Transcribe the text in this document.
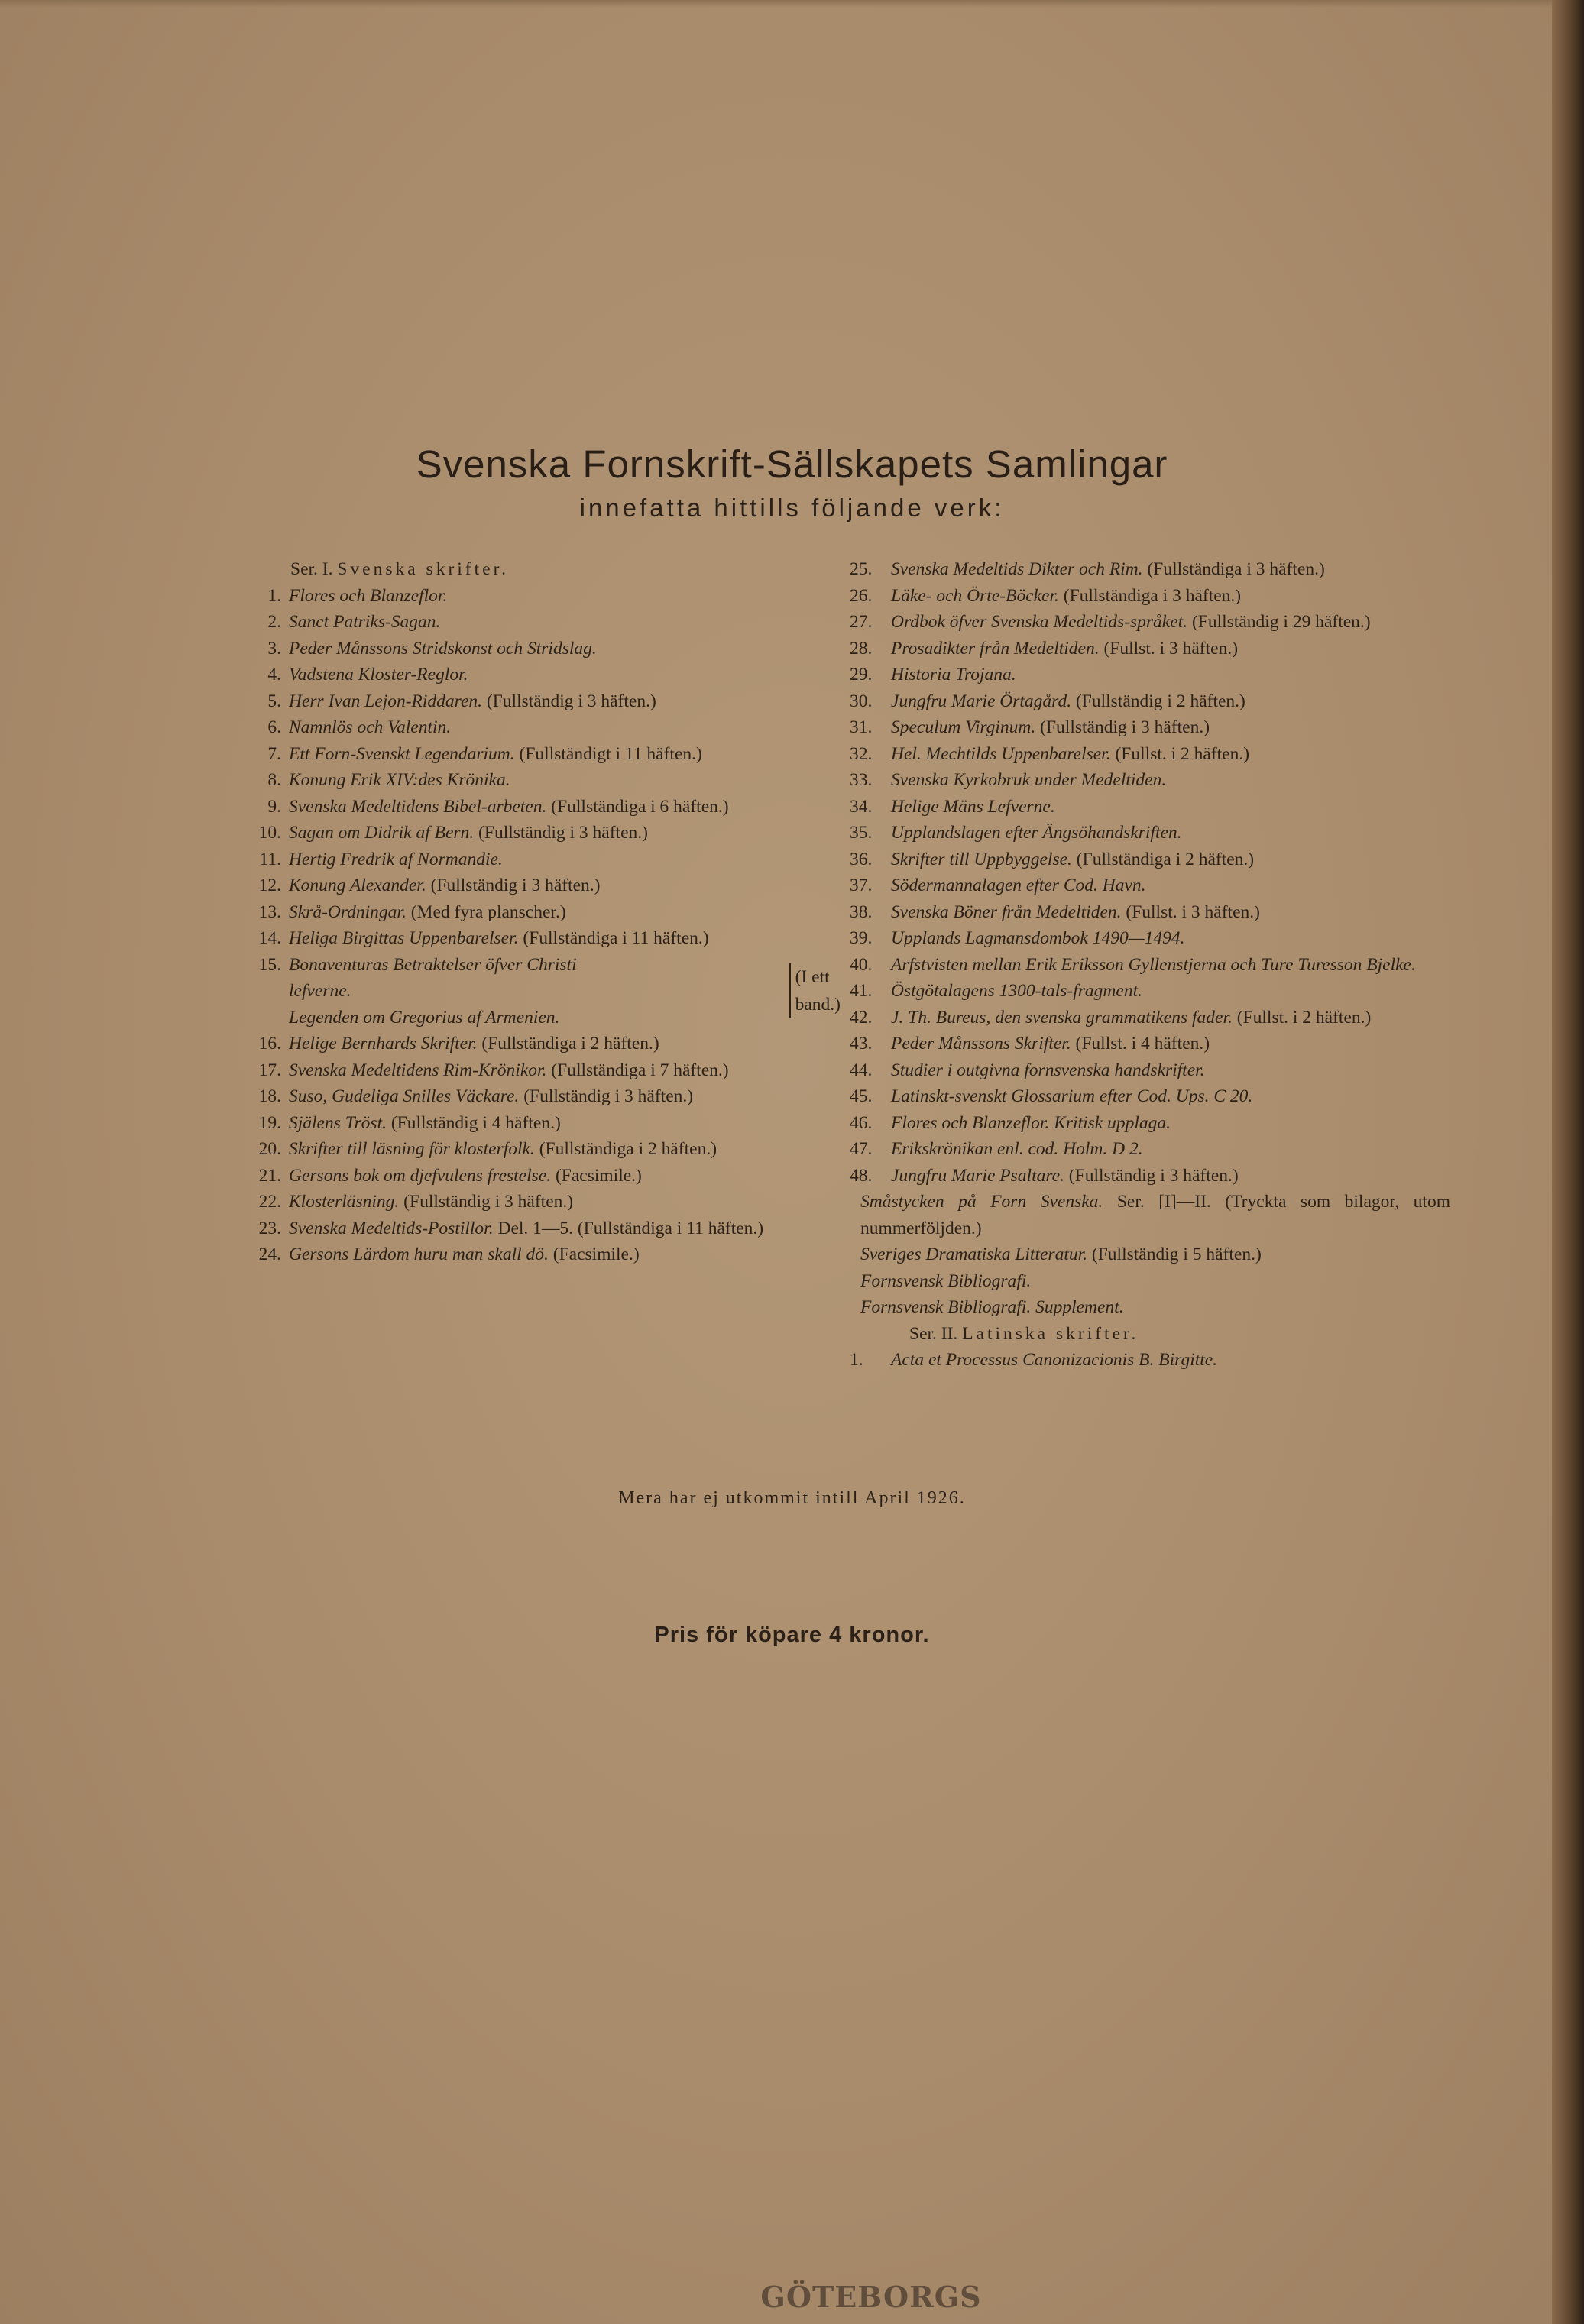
Svenska Fornskrift-Sällskapets Samlingar
innefatta hittills följande verk:
Ser. I. Svenska skrifter.
1. Flores och Blanzeflor.
2. Sanct Patriks-Sagan.
3. Peder Månssons Stridskonst och Stridslag.
4. Vadstena Kloster-Reglor.
5. Herr Ivan Lejon-Riddaren. (Fullständig i 3 häften.)
6. Namnlös och Valentin.
7. Ett Forn-Svenskt Legendarium. (Fullständigt i 11 häften.)
8. Konung Erik XIV:des Krönika.
9. Svenska Medeltidens Bibel-arbeten. (Fullständiga i 6 häften.)
10. Sagan om Didrik af Bern. (Fullständig i 3 häften.)
11. Hertig Fredrik af Normandie.
12. Konung Alexander. (Fullständig i 3 häften.)
13. Skrå-Ordningar. (Med fyra planscher.)
14. Heliga Birgittas Uppenbarelser. (Fullständiga i 11 häften.)
15. Bonaventuras Betraktelser öfver Christi
lefverne.
Legenden om Gregorius af Armenien.
(I ett
band.)
16. Helige Bernhards Skrifter. (Fullständiga i 2 häften.)
17. Svenska Medeltidens Rim-Krönikor. (Fullständiga i 7 häften.)
18. Suso, Gudeliga Snilles Väckare. (Fullständig i 3 häften.)
19. Själens Tröst. (Fullständig i 4 häften.)
20. Skrifter till läsning för klosterfolk. (Fullständiga i 2 häften.)
21. Gersons bok om djefvulens frestelse. (Facsimile.)
22. Klosterläsning. (Fullständig i 3 häften.)
23. Svenska Medeltids-Postillor. Del. 1—5. (Fullständiga i 11 häften.)
24. Gersons Lärdom huru man skall dö. (Facsimile.)
25.	Svenska Medeltids Dikter och Rim. (Fullständiga i 3 häften.)
26.	Läke- och Örte-Böcker. (Fullständiga i 3 häften.)
27.	Ordbok öfver Svenska Medeltids-språket. (Fullständig i 29 häften.)
28.	Prosadikter från Medeltiden. (Fullst. i 3 häften.)
29.	Historia Trojana.
30.	Jungfru Marie Örtagård. (Fullständig i 2 häften.)
31.	Speculum Virginum. (Fullständig i 3 häften.)
32.	Hel. Mechtilds Uppenbarelser. (Fullst. i 2 häften.)
33.	Svenska Kyrkobruk under Medeltiden.
34.	Helige Mäns Lefverne.
35.	Upplandslagen efter Ängsöhandskriften.
36.	Skrifter till Uppbyggelse. (Fullständiga i 2 häften.)
37.	Södermannalagen efter Cod. Havn.
38.	Svenska Böner från Medeltiden. (Fullst. i 3 häften.)
39.	Upplands Lagmansdombok 1490—1494.
40.	Arfstvisten mellan Erik Eriksson Gyllenstjerna och Ture Turesson Bjelke.
41.	Östgötalagens 1300-tals-fragment.
42.	J. Th. Bureus, den svenska grammatikens fader. (Fullst. i 2 häften.)
43.	Peder Månssons Skrifter. (Fullst. i 4 häften.)
44.	Studier i outgivna fornsvenska handskrifter.
45.	Latinskt-svenskt Glossarium efter Cod. Ups. C 20.
46.	Flores och Blanzeflor. Kritisk upplaga.
47.	Erikskrönikan enl. cod. Holm. D 2.
48.	Jungfru Marie Psaltare. (Fullständig i 3 häften.)
Småstycken på Forn Svenska. Ser. [I]—II. (Tryckta som bilagor, utom nummerföljden.)
Sveriges Dramatiska Litteratur. (Fullständig i 5 häften.)
Fornsvensk Bibliografi.
Fornsvensk Bibliografi. Supplement.
Ser. II. Latinska skrifter.
1.	Acta et Processus Canonizacionis B. Birgitte.
Mera har ej utkommit intill April 1926.
Pris för köpare 4 kronor.
GÖTEBORGS
